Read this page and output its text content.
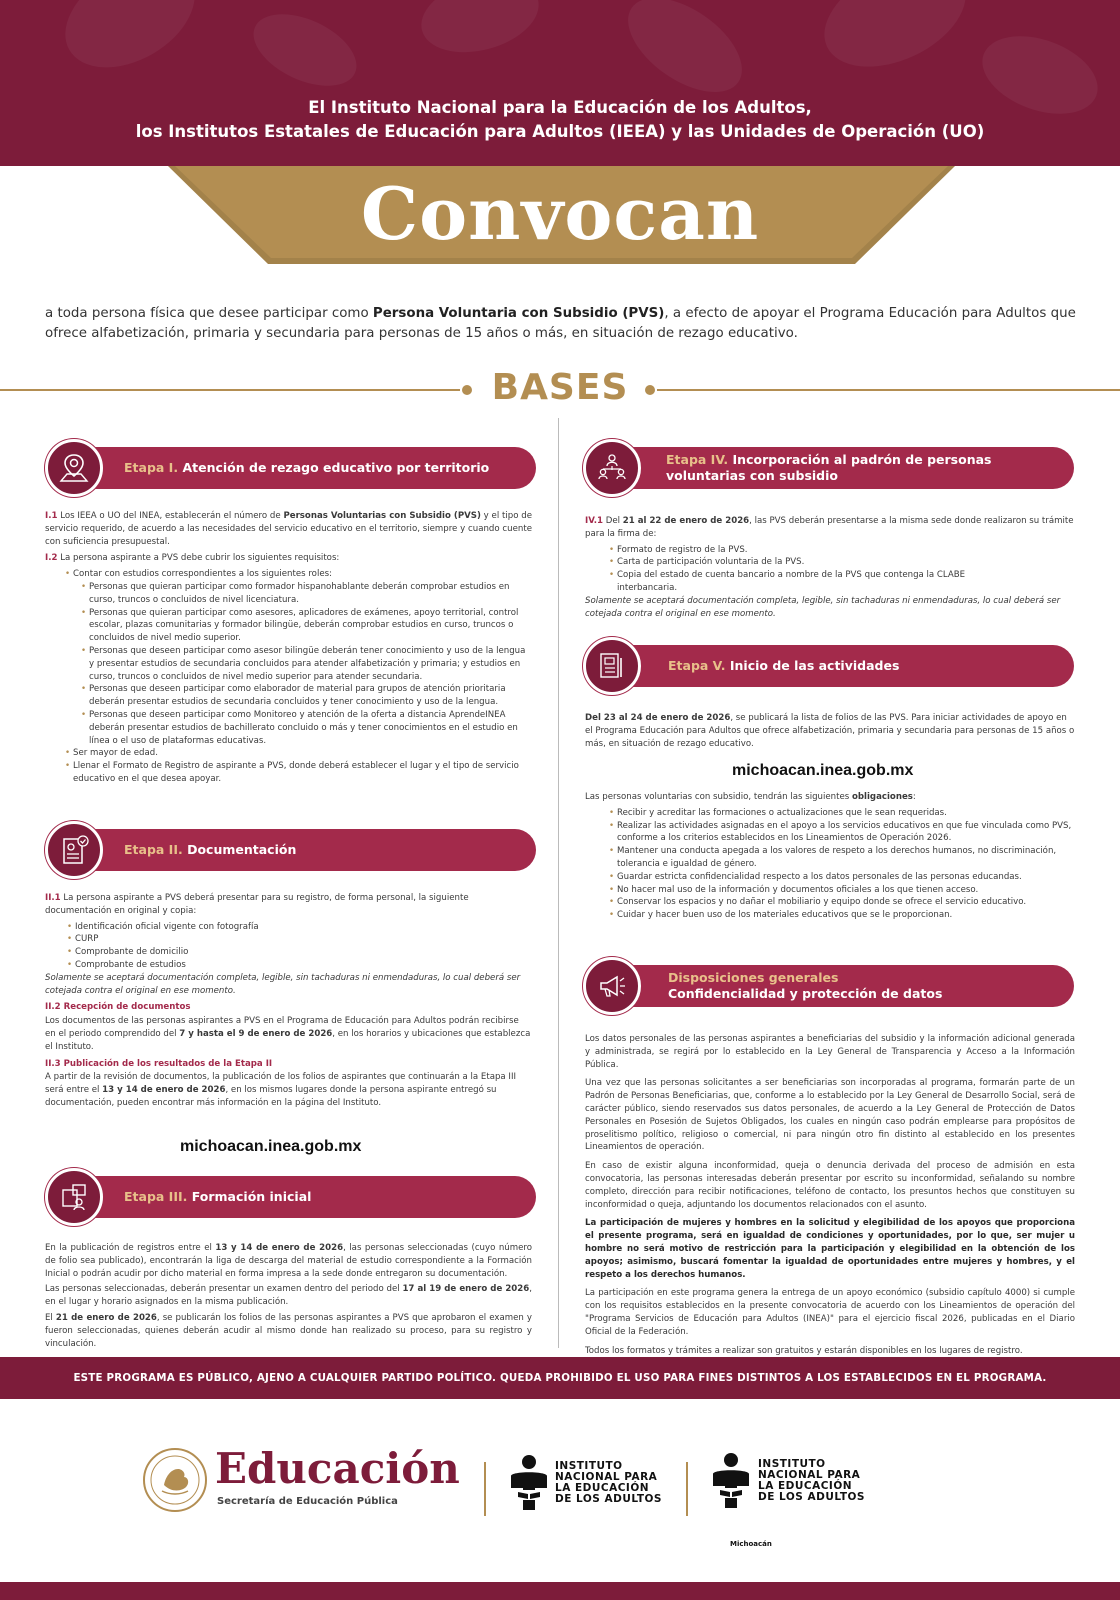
El Instituto Nacional para la Educación de los Adultos,
los Institutos Estatales de Educación para Adultos (IEEA) y las Unidades de Operación (UO)
Convocan
a toda persona física que desee participar como Persona Voluntaria con Subsidio (PVS), a efecto de apoyar el Programa Educación para Adultos que ofrece alfabetización, primaria y secundaria para personas de 15 años o más, en situación de rezago educativo.
BASES
Etapa I. Atención de rezago educativo por territorio

I.1 Los IEEA o UO del INEA, establecerán el número de Personas Voluntarias con Subsidio (PVS) y el tipo de servicio requerido, de acuerdo a las necesidades del servicio educativo en el territorio, siempre y cuando cuente con suficiencia presupuestal.

I.2 La persona aspirante a PVS debe cubrir los siguientes requisitos:

• Contar con estudios correspondientes a los siguientes roles:
• Personas que quieran participar como formador hispanohablante deberán comprobar estudios en curso, truncos o concluidos de nivel licenciatura.
• Personas que quieran participar como asesores, aplicadores de exámenes, apoyo territorial, control escolar, plazas comunitarias y formador bilingüe, deberán comprobar estudios en curso, truncos o concluidos de nivel medio superior.
• Personas que deseen participar como asesor bilingüe deberán tener conocimiento y uso de la lengua y presentar estudios de secundaria concluidos para atender alfabetización y primaria; y estudios en curso, truncos o concluidos de nivel medio superior para atender secundaria.
• Personas que deseen participar como elaborador de material para grupos de atención prioritaria deberán presentar estudios de secundaria concluidos y tener conocimiento y uso de la lengua.
• Personas que deseen participar como Monitoreo y atención de la oferta a distancia AprendeINEA deberán presentar estudios de bachillerato concluido o más y tener conocimientos en el estudio en línea o el uso de plataformas educativas.
• Ser mayor de edad.
• Llenar el Formato de Registro de aspirante a PVS, donde deberá establecer el lugar y el tipo de servicio educativo en el que desea apoyar.
Etapa II. Documentación

II.1 La persona aspirante a PVS deberá presentar para su registro, de forma personal, la siguiente documentación en original y copia:

• Identificación oficial vigente con fotografía
• CURP
• Comprobante de domicilio
• Comprobante de estudios

Solamente se aceptará documentación completa, legible, sin tachaduras ni enmendaduras, lo cual deberá ser cotejada contra el original en ese momento.

II.2 Recepción de documentos

Los documentos de las personas aspirantes a PVS en el Programa de Educación para Adultos podrán recibirse en el periodo comprendido del 7 y hasta el 9 de enero de 2026, en los horarios y ubicaciones que establezca el Instituto.

II.3 Publicación de los resultados de la Etapa II

A partir de la revisión de documentos, la publicación de los folios de aspirantes que continuarán a la Etapa III será entre el 13 y 14 de enero de 2026, en los mismos lugares donde la persona aspirante entregó su documentación, pueden encontrar más información en la página del Instituto.

michoacan.inea.gob.mx
Etapa III. Formación inicial

En la publicación de registros entre el 13 y 14 de enero de 2026, las personas seleccionadas (cuyo número de folio sea publicado), encontrarán la liga de descarga del material de estudio correspondiente a la Formación Inicial o podrán acudir por dicho material en forma impresa a la sede donde entregaron su documentación.

Las personas seleccionadas, deberán presentar un examen dentro del periodo del 17 al 19 de enero de 2026, en el lugar y horario asignados en la misma publicación.

El 21 de enero de 2026, se publicarán los folios de las personas aspirantes a PVS que aprobaron el examen y fueron seleccionadas, quienes deberán acudir al mismo donde han realizado su proceso, para su registro y vinculación.

Etapa IV. Incorporación al padrón de personas
voluntarias con subsidio

IV.1 Del 21 al 22 de enero de 2026, las PVS deberán presentarse a la misma sede donde realizaron su trámite para la firma de:

• Formato de registro de la PVS.
• Carta de participación voluntaria de la PVS.
• Copia del estado de cuenta bancario a nombre de la PVS que contenga la CLABE interbancaria.

Solamente se aceptará documentación completa, legible, sin tachaduras ni enmendaduras, lo cual deberá ser cotejada contra el original en ese momento.

Etapa V. Inicio de las actividades

Del 23 al 24 de enero de 2026, se publicará la lista de folios de las PVS. Para iniciar actividades de apoyo en el Programa Educación para Adultos que ofrece alfabetización, primaria y secundaria para personas de 15 años o más, en situación de rezago educativo.

michoacan.inea.gob.mx

Las personas voluntarias con subsidio, tendrán las siguientes obligaciones:

• Recibir y acreditar las formaciones o actualizaciones que le sean requeridas.
• Realizar las actividades asignadas en el apoyo a los servicios educativos en que fue vinculada como PVS, conforme a los criterios establecidos en los Lineamientos de Operación 2026.
• Mantener una conducta apegada a los valores de respeto a los derechos humanos, no discriminación, tolerancia e igualdad de género.
• Guardar estricta confidencialidad respecto a los datos personales de las personas educandas.
• No hacer mal uso de la información y documentos oficiales a los que tienen acceso.
• Conservar los espacios y no dañar el mobiliario y equipo donde se ofrece el servicio educativo.
• Cuidar y hacer buen uso de los materiales educativos que se le proporcionan.
Disposiciones generales
Confidencialidad y protección de datos

Los datos personales de las personas aspirantes a beneficiarias del subsidio y la información adicional generada y administrada, se regirá por lo establecido en la Ley General de Transparencia y Acceso a la Información Pública.

Una vez que las personas solicitantes a ser beneficiarias son incorporadas al programa, formarán parte de un Padrón de Personas Beneficiarias, que, conforme a lo establecido por la Ley General de Desarrollo Social, será de carácter público, siendo reservados sus datos personales, de acuerdo a la Ley General de Protección de Datos Personales en Posesión de Sujetos Obligados, los cuales en ningún caso podrán emplearse para propósitos de proselitismo político, religioso o comercial, ni para ningún otro fin distinto al establecido en los presentes Lineamientos de operación.

En caso de existir alguna inconformidad, queja o denuncia derivada del proceso de admisión en esta convocatoria, las personas interesadas deberán presentar por escrito su inconformidad, señalando su nombre completo, dirección para recibir notificaciones, teléfono de contacto, los presuntos hechos que constituyen su inconformidad o queja, adjuntando los documentos relacionados con el asunto.

La participación de mujeres y hombres en la solicitud y elegibilidad de los apoyos que proporciona el presente programa, será en igualdad de condiciones y oportunidades, por lo que, ser mujer u hombre no será motivo de restricción para la participación y elegibilidad en la obtención de los apoyos; asimismo, buscará fomentar la igualdad de oportunidades entre mujeres y hombres, y el respeto a los derechos humanos.

La participación en este programa genera la entrega de un apoyo económico (subsidio capítulo 4000) si cumple con los requisitos establecidos en la presente convocatoria de acuerdo con los Lineamientos de operación del "Programa Servicios de Educación para Adultos (INEA)" para el ejercicio fiscal 2026, publicadas en el Diario Oficial de la Federación.

Todos los formatos y trámites a realizar son gratuitos y estarán disponibles en los lugares de registro.

ESTE PROGRAMA ES PÚBLICO, AJENO A CUALQUIER PARTIDO POLÍTICO. QUEDA PROHIBIDO EL USO PARA FINES DISTINTOS A LOS ESTABLECIDOS EN EL PROGRAMA.
Educación
Secretaría de Educación Pública
INSTITUTO
NACIONAL PARA
LA EDUCACIÓN
DE LOS ADULTOS
INSTITUTO
NACIONAL PARA
LA EDUCACIÓN
DE LOS ADULTOS
Michoacán
